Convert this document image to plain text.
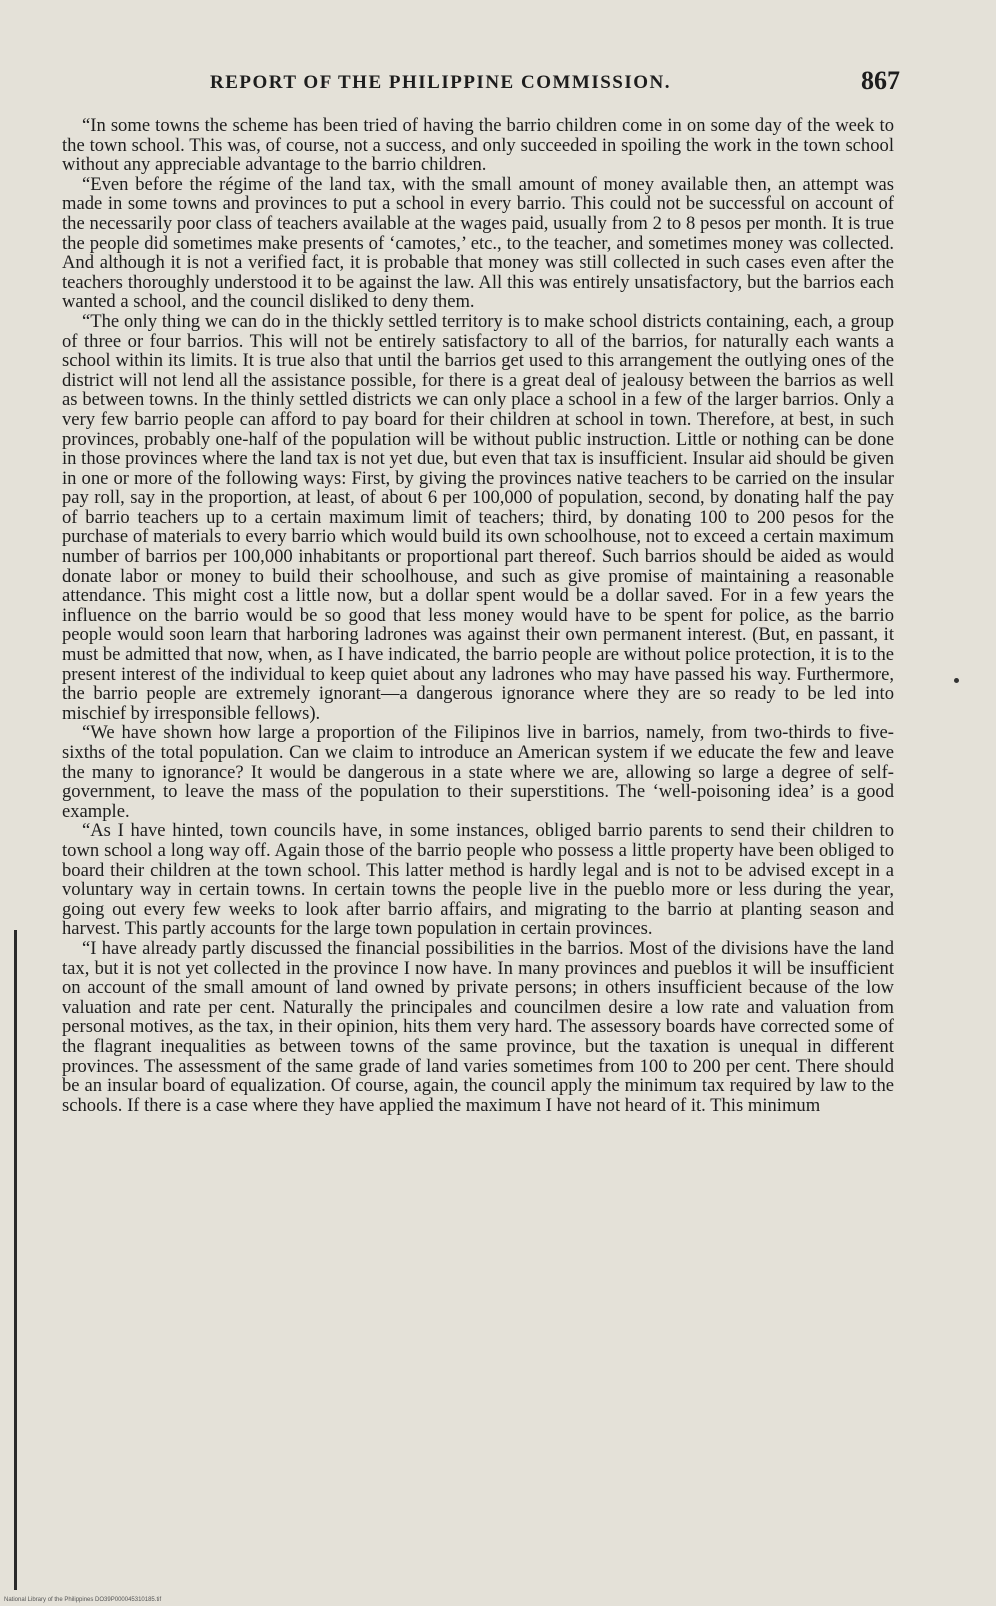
REPORT OF THE PHILIPPINE COMMISSION.	867

“In some towns the scheme has been tried of having the barrio children come in on some day of the week to the town school. This was, of course, not a success, and only succeeded in spoiling the work in the town school without any appreciable advantage to the barrio children.

“Even before the régime of the land tax, with the small amount of money available then, an attempt was made in some towns and provinces to put a school in every barrio. This could not be successful on account of the necessarily poor class of teachers available at the wages paid, usually from 2 to 8 pesos per month. It is true the people did sometimes make presents of ‘camotes,’ etc., to the teacher, and sometimes money was collected. And although it is not a verified fact, it is probable that money was still collected in such cases even after the teachers thoroughly understood it to be against the law. All this was entirely unsatisfactory, but the barrios each wanted a school, and the council disliked to deny them.

“The only thing we can do in the thickly settled territory is to make school districts containing, each, a group of three or four barrios. This will not be entirely satisfactory to all of the barrios, for naturally each wants a school within its limits. It is true also that until the barrios get used to this arrangement the outlying ones of the district will not lend all the assistance possible, for there is a great deal of jealousy between the barrios as well as between towns. In the thinly settled districts we can only place a school in a few of the larger barrios. Only a very few barrio people can afford to pay board for their children at school in town. Therefore, at best, in such provinces, probably one-half of the population will be without public instruction. Little or nothing can be done in those provinces where the land tax is not yet due, but even that tax is insufficient. Insular aid should be given in one or more of the following ways: First, by giving the provinces native teachers to be carried on the insular pay roll, say in the proportion, at least, of about 6 per 100,000 of population, second, by donating half the pay of barrio teachers up to a certain maximum limit of teachers; third, by donating 100 to 200 pesos for the purchase of materials to every barrio which would build its own schoolhouse, not to exceed a certain maximum number of barrios per 100,000 inhabitants or proportional part thereof. Such barrios should be aided as would donate labor or money to build their schoolhouse, and such as give promise of maintaining a reasonable attendance. This might cost a little now, but a dollar spent would be a dollar saved. For in a few years the influence on the barrio would be so good that less money would have to be spent for police, as the barrio people would soon learn that harboring ladrones was against their own permanent interest. (But, en passant, it must be admitted that now, when, as I have indicated, the barrio people are without police protection, it is to the present interest of the individual to keep quiet about any ladrones who may have passed his way. Furthermore, the barrio people are extremely ignorant—a dangerous ignorance where they are so ready to be led into mischief by irresponsible fellows).

“We have shown how large a proportion of the Filipinos live in barrios, namely, from two-thirds to five-sixths of the total population. Can we claim to introduce an American system if we educate the few and leave the many to ignorance? It would be dangerous in a state where we are, allowing so large a degree of self-government, to leave the mass of the population to their superstitions. The ‘well-poisoning idea’ is a good example.

“As I have hinted, town councils have, in some instances, obliged barrio parents to send their children to town school a long way off. Again those of the barrio people who possess a little property have been obliged to board their children at the town school. This latter method is hardly legal and is not to be advised except in a voluntary way in certain towns. In certain towns the people live in the pueblo more or less during the year, going out every few weeks to look after barrio affairs, and migrating to the barrio at planting season and harvest. This partly accounts for the large town population in certain provinces.

“I have already partly discussed the financial possibilities in the barrios. Most of the divisions have the land tax, but it is not yet collected in the province I now have. In many provinces and pueblos it will be insufficient on account of the small amount of land owned by private persons; in others insufficient because of the low valuation and rate per cent. Naturally the principales and councilmen desire a low rate and valuation from personal motives, as the tax, in their opinion, hits them very hard. The assessory boards have corrected some of the flagrant inequalities as between towns of the same province, but the taxation is unequal in different provinces. The assessment of the same grade of land varies sometimes from 100 to 200 per cent. There should be an insular board of equalization. Of course, again, the council apply the minimum tax required by law to the schools. If there is a case where they have applied the maximum I have not heard of it. This minimum

National Library of the Philippines DO39P000045310185.tif
